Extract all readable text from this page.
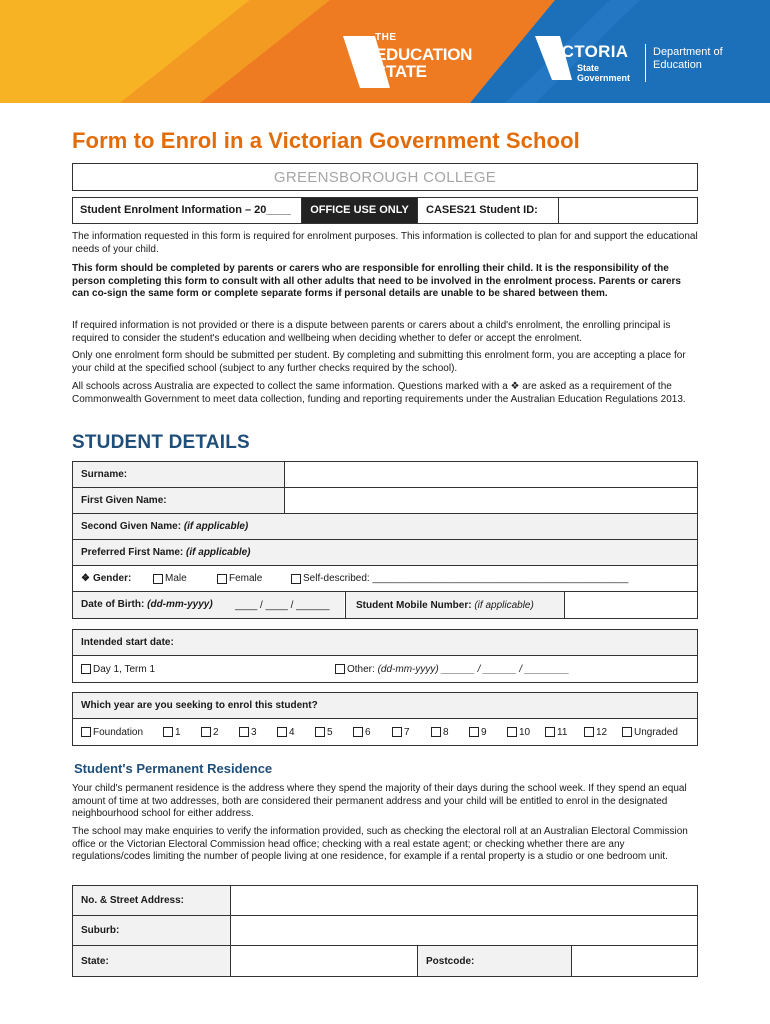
THE
EDUCATION
STATE
VICTORIA
State Government
Department of Education
Form to Enrol in a Victorian Government School
GREENSBOROUGH COLLEGE
Student Enrolment Information – 20____	OFFICE USE ONLY	CASES21 Student ID:

The information requested in this form is required for enrolment purposes. This information is collected to plan for and support the educational needs of your child.

This form should be completed by parents or carers who are responsible for enrolling their child. It is the responsibility of the person completing this form to consult with all other adults that need to be involved in the enrolment process. Parents or carers can co-sign the same form or complete separate forms if personal details are unable to be shared between them.

If required information is not provided or there is a dispute between parents or carers about a child's enrolment, the enrolling principal is required to consider the student's education and wellbeing when deciding whether to defer or accept the enrolment.

Only one enrolment form should be submitted per student. By completing and submitting this enrolment form, you are accepting a place for your child at the specified school (subject to any further checks required by the school).

All schools across Australia are expected to collect the same information. Questions marked with a ❖ are asked as a requirement of the Commonwealth Government to meet data collection, funding and reporting requirements under the Australian Education Regulations 2013.

STUDENT DETAILS
Surname:
First Given Name:
Second Given Name: (if applicable)
Preferred First Name: (if applicable)
❖ Gender:	Male	Female	Self-described: ______________________________________________
Date of Birth: (dd-mm-yyyy)	____ / ____ / ______	Student Mobile Number:
(if applicable)
Intended start date:
Day 1, Term 1	Other:
(dd-mm-yyyy) ______ / ______ / ________
Which year are you seeking to enrol this student?
Foundation	1	2	3	4	5	6	7	8	9	10	11	12	Ungraded
Student's Permanent Residence

Your child's permanent residence is the address where they spend the majority of their days during the school week. If they spend an equal amount of time at two addresses, both are considered their permanent address and your child will be entitled to enrol in the designated neighbourhood school for either address.

The school may make enquiries to verify the information provided, such as checking the electoral roll at an Australian Electoral Commission office or the Victorian Electoral Commission head office; checking with a real estate agent; or checking whether there are any regulations/codes limiting the number of people living at one residence, for example if a rental property is a studio or one bedroom unit.

No. & Street Address:
Suburb:
State:	Postcode:
